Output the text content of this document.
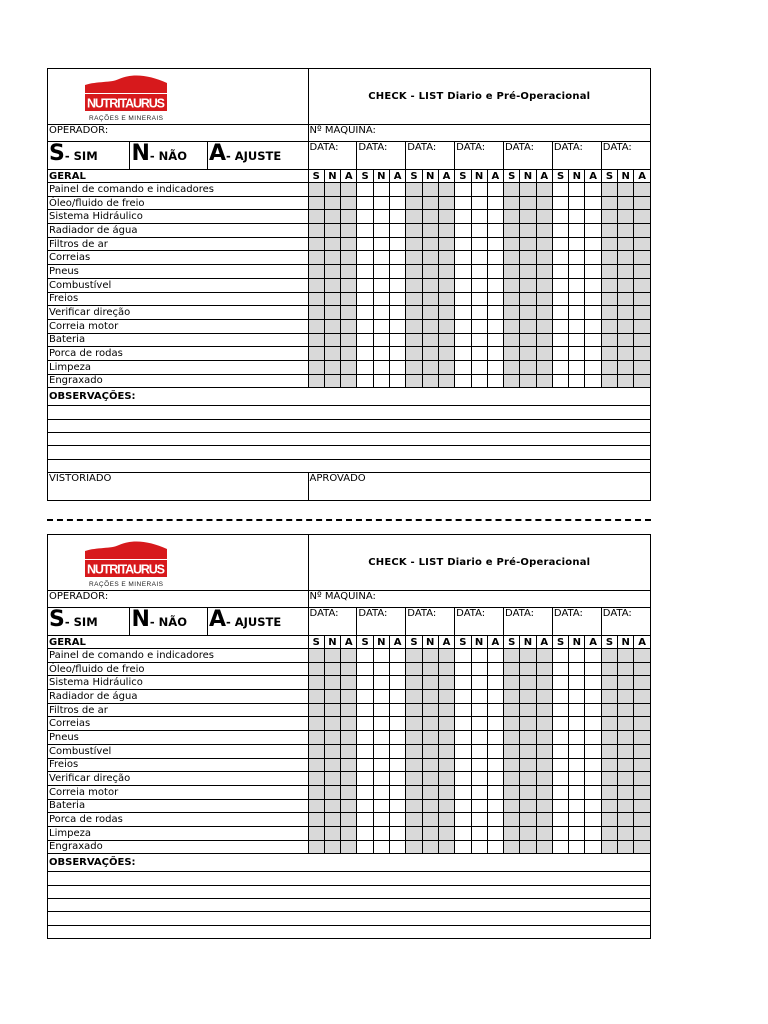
NUTRITAURUS
RAÇÕES E MINERAIS			CHECK - LIST Diario e Pré-Operacional																				
OPERADOR:			Nº MÁQUINA:																				
S- SIM	N- NÃO	A- AJUSTE	DATA:			DATA:			DATA:			DATA:			DATA:			DATA:			DATA:		
GERAL			S	N	A	S	N	A	S	N	A	S	N	A	S	N	A	S	N	A	S	N	A
Painel de comando e indicadores																							
Óleo/fluido de freio																							
Sistema Hidráulico																							
Radiador de água																							
Filtros de ar																							
Correias																							
Pneus																							
Combustível																							
Freios																							
Verificar direção																							
Correia motor																							
Bateria																							
Porca de rodas																							
Limpeza																							
Engraxado																							
OBSERVAÇÕES:																							

VISTORIADO			APROVADO																				
NUTRITAURUS
RAÇÕES E MINERAIS			CHECK - LIST Diario e Pré-Operacional																				
OPERADOR:			Nº MÁQUINA:																				
S- SIM	N- NÃO	A- AJUSTE	DATA:			DATA:			DATA:			DATA:			DATA:			DATA:			DATA:		
GERAL			S	N	A	S	N	A	S	N	A	S	N	A	S	N	A	S	N	A	S	N	A
Painel de comando e indicadores																							
Óleo/fluido de freio																							
Sistema Hidráulico																							
Radiador de água																							
Filtros de ar																							
Correias																							
Pneus																							
Combustível																							
Freios																							
Verificar direção																							
Correia motor																							
Bateria																							
Porca de rodas																							
Limpeza																							
Engraxado																							
OBSERVAÇÕES:																							
